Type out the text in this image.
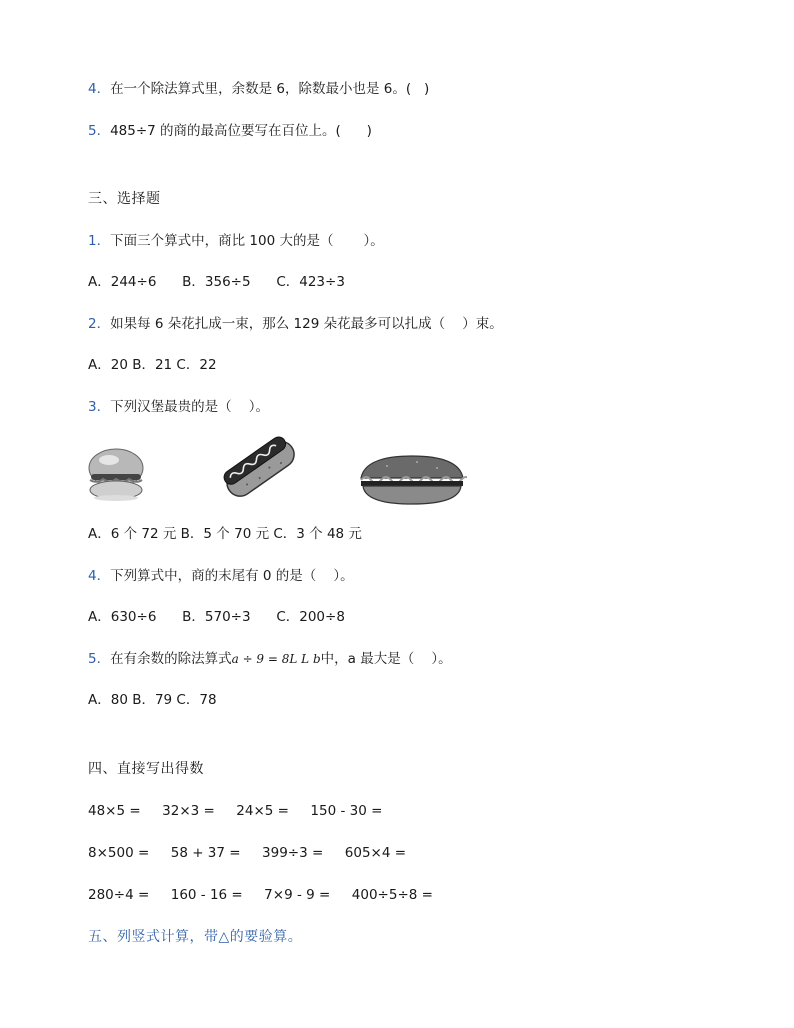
4．在一个除法算式里，余数是 6，除数最小也是 6。(   )
5．485÷7 的商的最高位要写在百位上。(      )
三、选择题
1．下面三个算式中，商比 100 大的是（       ）。
A．244÷6      B．356÷5      C．423÷3
2．如果每 6 朵花扎成一束，那么 129 朵花最多可以扎成（    ）束。
A．20 B．21 C．22
3．下列汉堡最贵的是（    ）。
A．6 个 72 元 B．5 个 70 元 C．3 个 48 元
4．下列算式中，商的末尾有 0 的是（    ）。
A．630÷6      B．570÷3      C．200÷8
5．在有余数的除法算式a ÷ 9 = 8L L b中，a 最大是（    ）。
A．80 B．79 C．78
四、直接写出得数
48×5 =     32×3 =     24×5 =     150 - 30 =
8×500 =     58 + 37 =     399÷3 =     605×4 =
280÷4 =     160 - 16 =     7×9 - 9 =     400÷5÷8 =
五、列竖式计算，带△的要验算。
